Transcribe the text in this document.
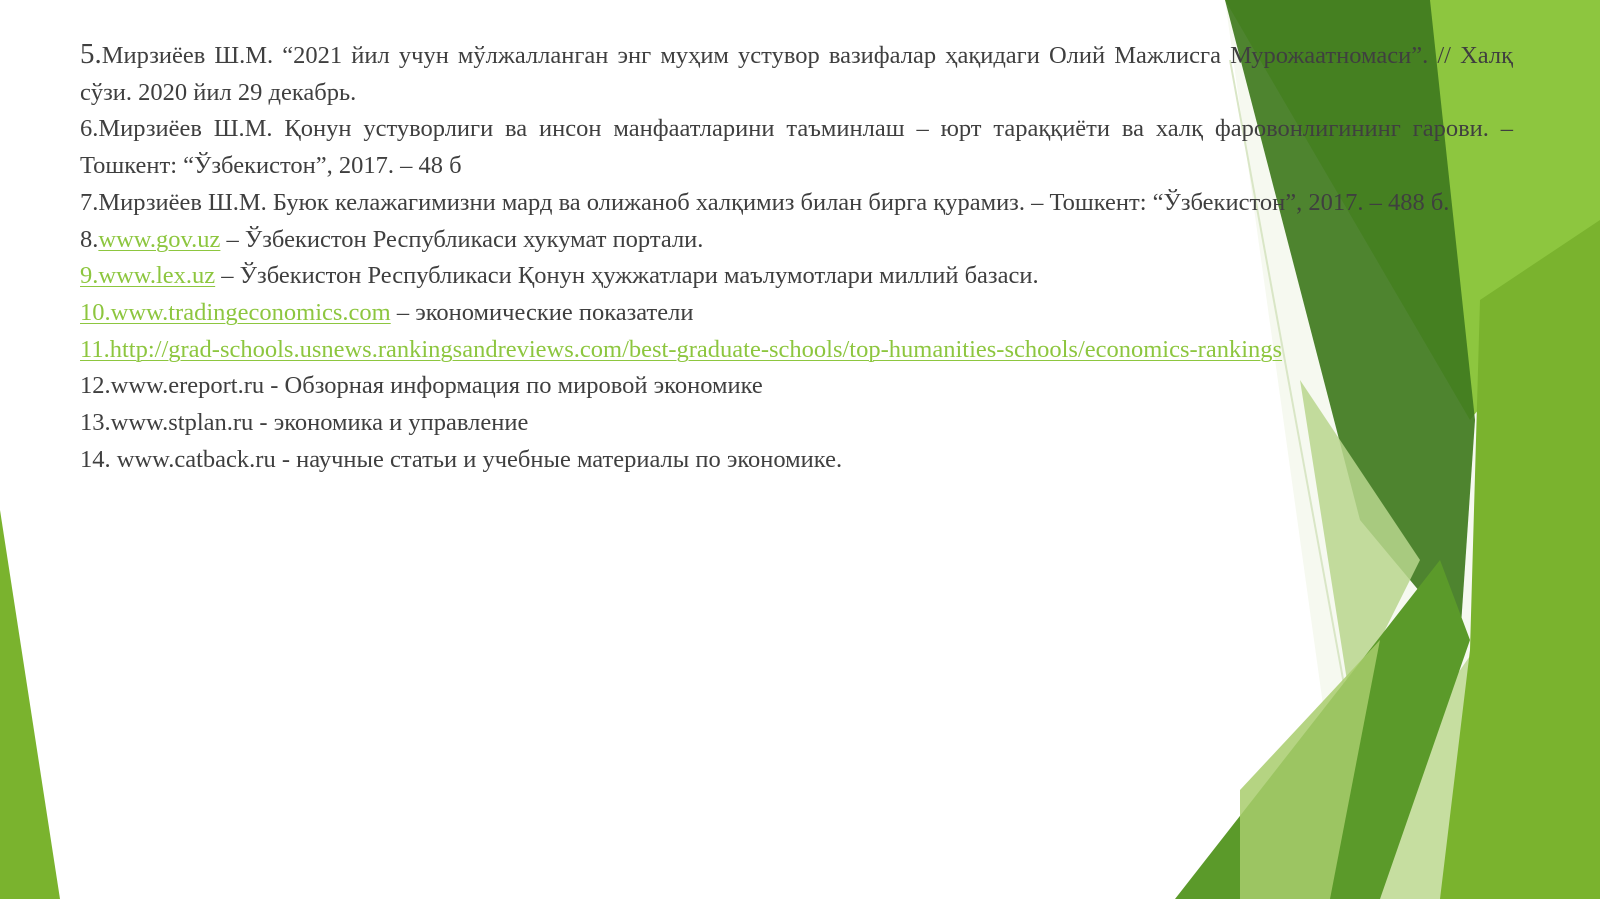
5.Мирзиёев Ш.М. “2021 йил учун мўлжалланган энг муҳим устувор вазифалар ҳақидаги Олий Мажлисга Мурожаатномаси”. // Халқ сўзи. 2020 йил 29 декабрь.
6.Мирзиёев Ш.М. Қонун устуворлиги ва инсон манфаатларини таъминлаш – юрт тараққиёти ва халқ фаровонлигининг гарови. – Тошкент: “Ўзбекистон”, 2017. – 48 б
7.Мирзиёев Ш.М. Буюк келажагимизни мард ва олижаноб халқимиз билан бирга қурамиз. – Тошкент: “Ўзбекистон”, 2017. – 488 б.
8.www.gov.uz – Ўзбекистон Республикаси хукумат портали.
9.www.lex.uz – Ўзбекистон Республикаси Қонун ҳужжатлари маълумотлари миллий базаси.
10.www.tradingeconomics.com – экономические показатели
11.http://grad-schools.usnews.rankingsandreviews.com/best-graduate-schools/top-humanities-schools/economics-rankings
12.www.ereport.ru - Обзорная информация по мировой экономике
13.www.stplan.ru - экономика и управление
14. www.catback.ru - научные статьи и учебные материалы по экономике.
